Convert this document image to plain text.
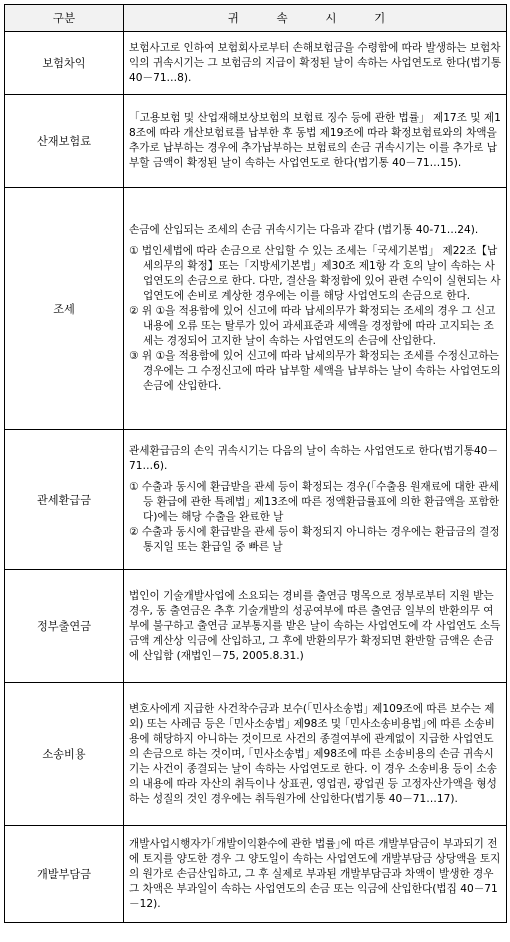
구분	귀 속 시 기
보험차익	보험사고로 인하여 보험회사로부터 손해보험금을 수령함에 따라 발생하는 보험차익의 귀속시기는 그 보험금의 지급이 확정된 날이 속하는 사업연도로 한다(법기통 40－71…8).
산재보험료	「고용보험 및 산업재해보상보험의 보험료 징수 등에 관한 법률」 제17조 및 제18조에 따라 개산보험료를 납부한 후 동법 제19조에 따라 확정보험료와의 차액을 추가로 납부하는 경우에 추가납부하는 보험료의 손금 귀속시기는 이를 추가로 납부할 금액이 확정된 날이 속하는 사업연도로 한다(법기통 40－71…15).
조세	손금에 산입되는 조세의 손금 귀속시기는 다음과 같다 (법기통 40-71…24).

① 법인세법에 따라 손금으로 산입할 수 있는 조세는「국세기본법」 제22조【납세의무의 확정】또는「지방세기본법」제30조 제1항 각 호의 날이 속하는 사업연도의 손금으로 한다. 다만, 결산을 확정함에 있어 관련 수익이 실현되는 사업연도에 손비로 계상한 경우에는 이를 해당 사업연도의 손금으로 한다.
② 위 ①을 적용함에 있어 신고에 따라 납세의무가 확정되는 조세의 경우 그 신고내용에 오류 또는 탈루가 있어 과세표준과 세액을 경정함에 따라 고지되는 조세는 경정되어 고지한 날이 속하는 사업연도의 손금에 산입한다.
③ 위 ①을 적용함에 있어 신고에 따라 납세의무가 확정되는 조세를 수정신고하는 경우에는 그 수정신고에 따라 납부할 세액을 납부하는 날이 속하는 사업연도의 손금에 산입한다.

관세환급금	관세환급금의 손익 귀속시기는 다음의 날이 속하는 사업연도로 한다(법기통40－71…6).

① 수출과 동시에 환급받을 관세 등이 확정되는 경우(｢수출용 원재료에 대한 관세 등 환급에 관한 특례법｣ 제13조에 따른 정액환급률표에 의한 환급액을 포함한다)에는 해당 수출을 완료한 날
② 수출과 동시에 환급받을 관세 등이 확정되지 아니하는 경우에는 환급금의 결정통지일 또는 환급일 중 빠른 날

정부출연금	법인이 기술개발사업에 소요되는 경비를 출연금 명목으로 정부로부터 지원 받는 경우, 동 출연금은 추후 기술개발의 성공여부에 따른 출연금 일부의 반환의무 여부에 불구하고 출연금 교부통지를 받은 날이 속하는 사업연도에 각 사업연도 소득금액 계산상 익금에 산입하고, 그 후에 반환의무가 확정되면 환반할 금액은 손금에 산입함 (재법인－75, 2005.8.31.)
소송비용	변호사에게 지급한 사건착수금과 보수(｢민사소송법｣ 제109조에 따른 보수는 제외) 또는 사례금 등은 ｢민사소송법｣ 제98조 및 ｢민사소송비용법｣에 따른 소송비용에 해당하지 아니하는 것이므로 사건의 종결여부에 관계없이 지급한 사업연도의 손금으로 하는 것이며, ｢민사소송법｣ 제98조에 따른 소송비용의 손금 귀속시기는 사건이 종결되는 날이 속하는 사업연도로 한다. 이 경우 소송비용 등이 소송의 내용에 따라 자산의 취득이나 상표권, 영업권, 광업권 등 고정자산가액을 형성하는 성질의 것인 경우에는 취득원가에 산입한다(법기통 40－71…17).
개발부담금	개발사업시행자가｢개발이익환수에 관한 법률｣에 따른 개발부담금이 부과되기 전에 토지를 양도한 경우 그 양도일이 속하는 사업연도에 개발부담금 상당액을 토지의 원가로 손금산입하고, 그 후 실제로 부과된 개발부담금과 차액이 발생한 경우 그 차액은 부과일이 속하는 사업연도의 손금 또는 익금에 산입한다(법집 40－71－12).
